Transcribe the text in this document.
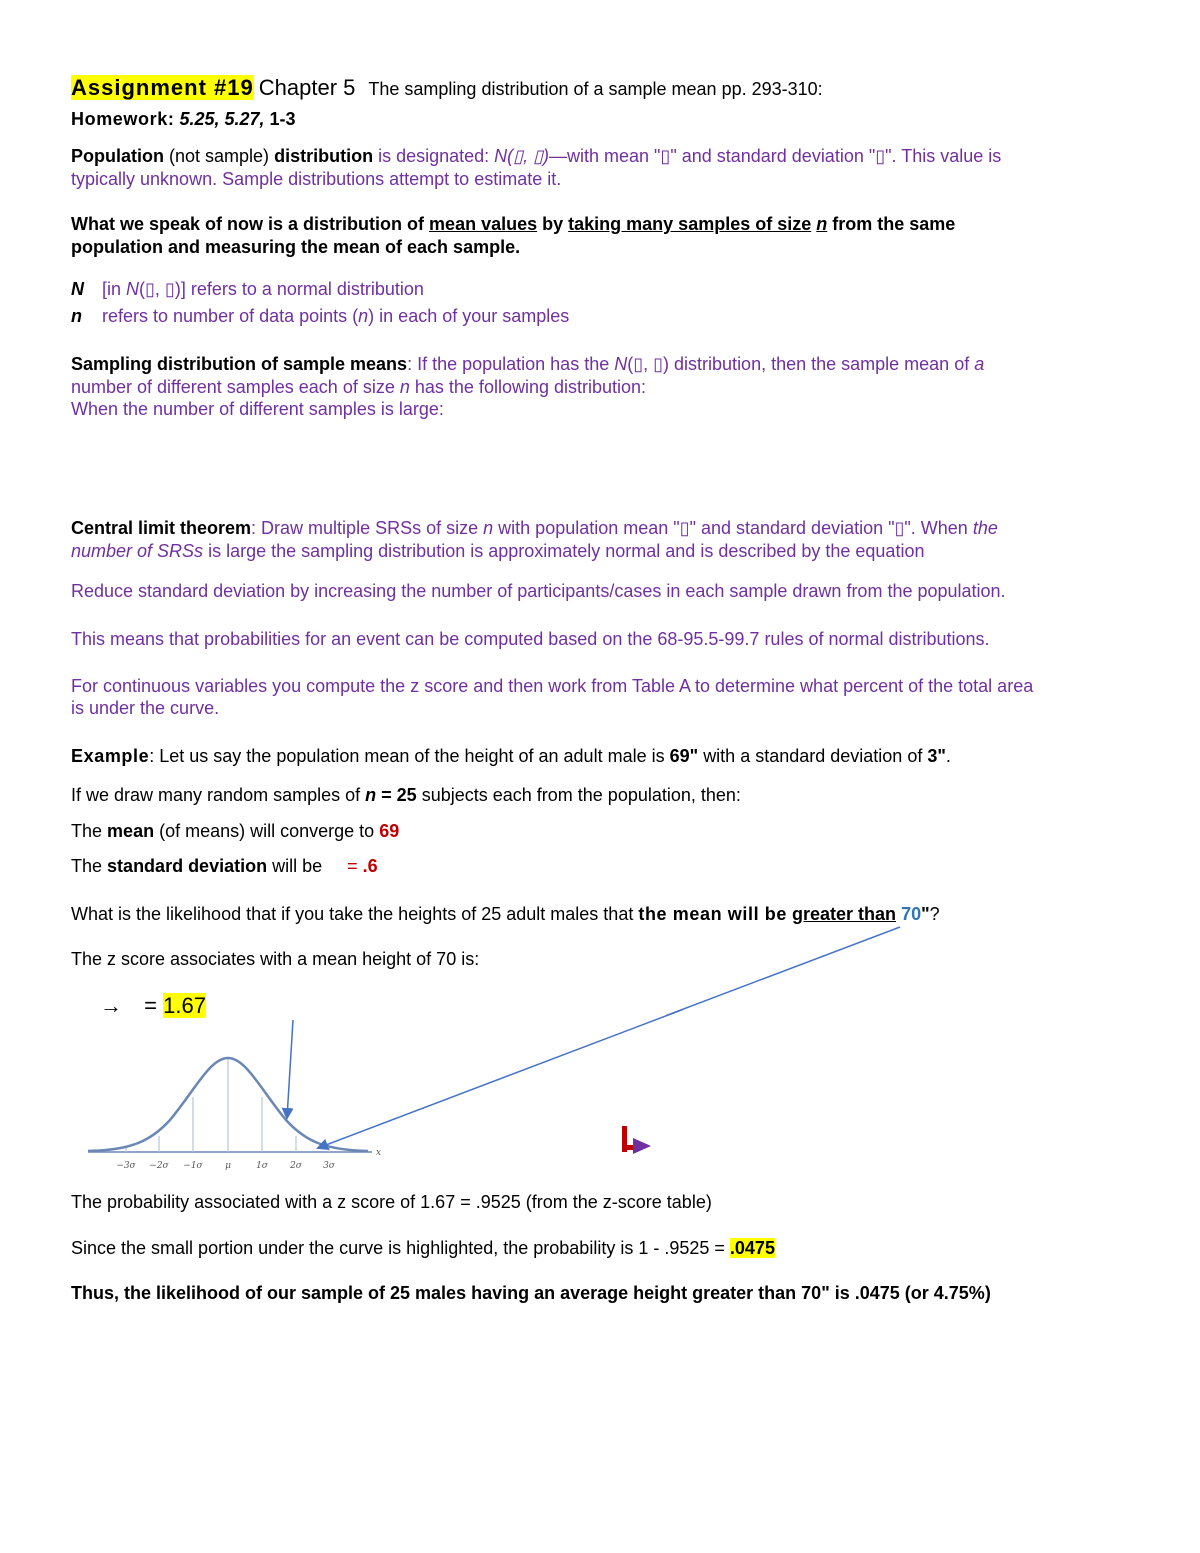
Assignment #19 Chapter 5 The sampling distribution of a sample mean pp. 293-310:
Homework: 5.25, 5.27, 1-3
Population (not sample) distribution is designated: N(▯, ▯)—with mean "▯" and standard deviation "▯". This value is
typically unknown. Sample distributions attempt to estimate it.
What we speak of now is a distribution of mean values by taking many samples of size n from the same
population and measuring the mean of each sample.
N [in N(▯, ▯)] refers to a normal distribution
n refers to number of data points (n) in each of your samples
Sampling distribution of sample means: If the population has the N(▯, ▯) distribution, then the sample mean of a
number of different samples each of size n has the following distribution:
When the number of different samples is large:
Central limit theorem: Draw multiple SRSs of size n with population mean "▯" and standard deviation "▯". When the
number of SRSs is large the sampling distribution is approximately normal and is described by the equation
Reduce standard deviation by increasing the number of participants/cases in each sample drawn from the population.
This means that probabilities for an event can be computed based on the 68-95.5-99.7 rules of normal distributions.
For continuous variables you compute the z score and then work from Table A to determine what percent of the total area
is under the curve.
Example: Let us say the population mean of the height of an adult male is 69" with a standard deviation of 3".
If we draw many random samples of n = 25 subjects each from the population, then:
The mean (of means) will converge to 69
The standard deviation will be = .6
What is the likelihood that if you take the heights of 25 adult males that the mean will be greater than 70"?
The z score associates with a mean height of 70 is:
→ = 1.67
−3σ −2σ −1σ μ	1σ 2σ 3σ
x
The probability associated with a z score of 1.67 = .9525 (from the z-score table)
Since the small portion under the curve is highlighted, the probability is 1 - .9525 = .0475
Thus, the likelihood of our sample of 25 males having an average height greater than 70" is .0475 (or 4.75%)
